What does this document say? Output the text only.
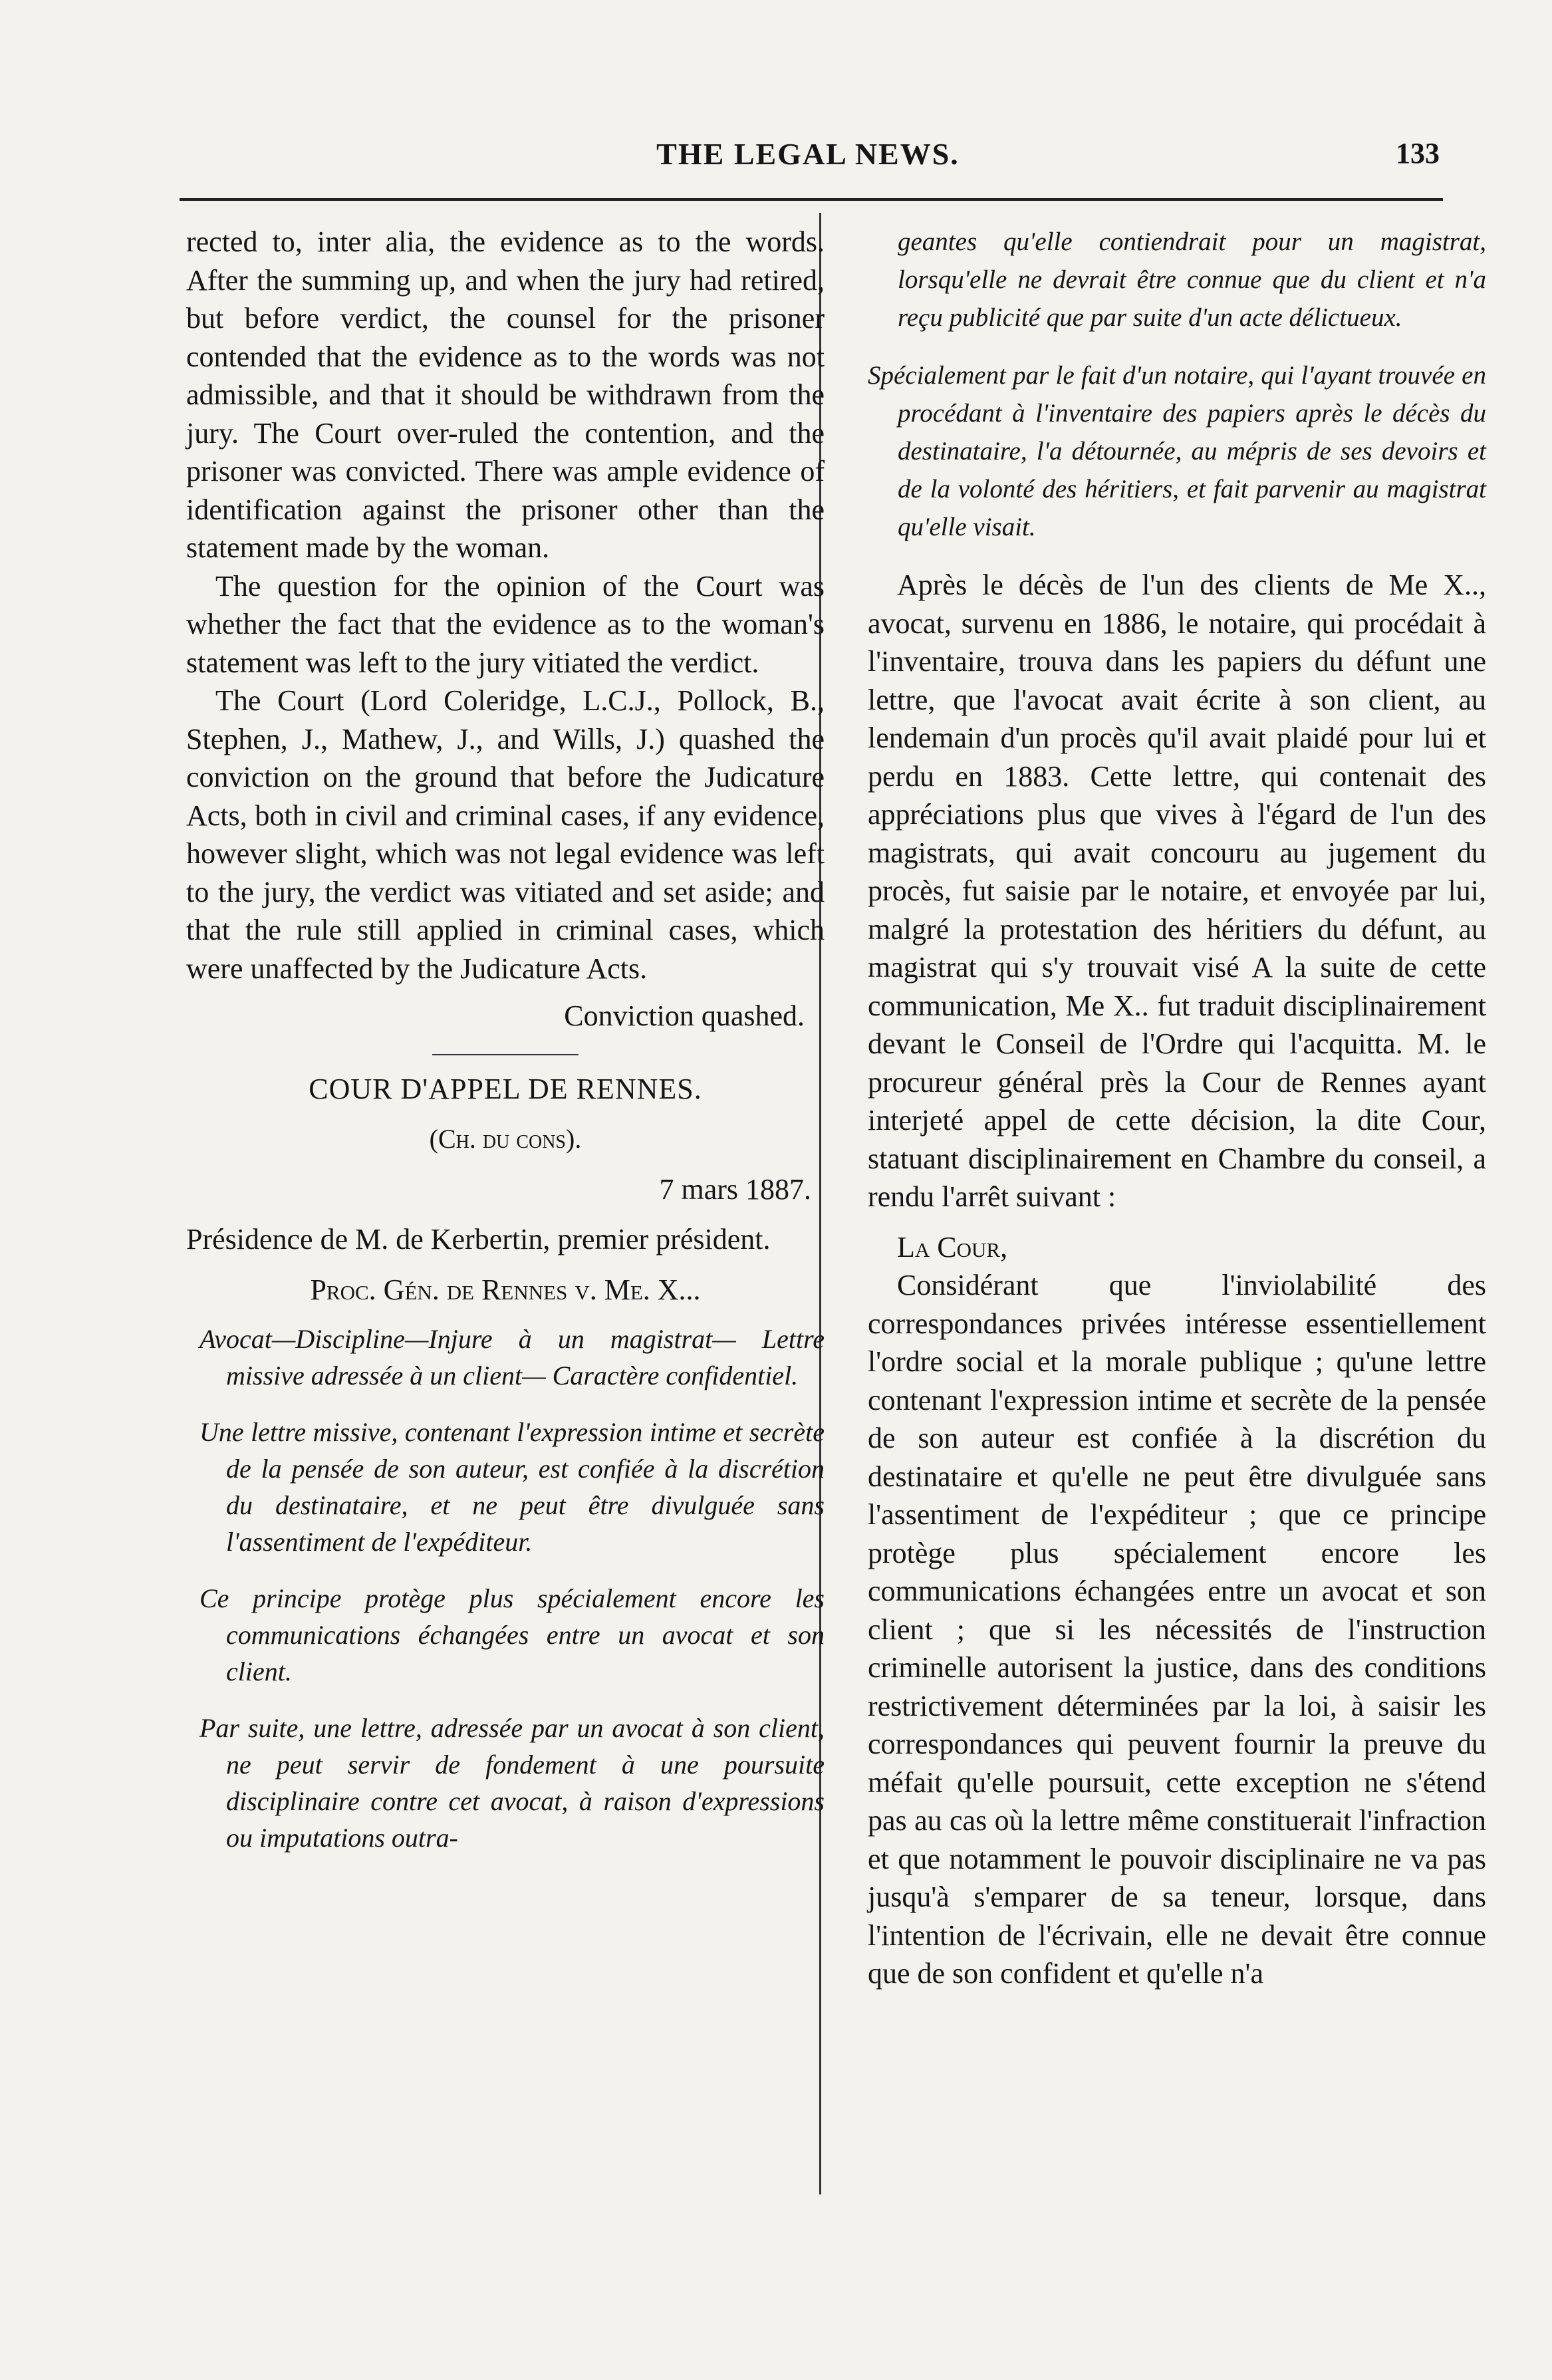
THE LEGAL NEWS.	133

rected to, inter alia, the evidence as to the words. After the summing up, and when the jury had retired, but before verdict, the counsel for the prisoner contended that the evidence as to the words was not admissible, and that it should be withdrawn from the jury. The Court over-ruled the contention, and the prisoner was convicted. There was ample evidence of identification against the prisoner other than the statement made by the woman.

The question for the opinion of the Court was whether the fact that the evidence as to the woman's statement was left to the jury vitiated the verdict.

The Court (Lord Coleridge, L.C.J., Pollock, B., Stephen, J., Mathew, J., and Wills, J.) quashed the conviction on the ground that before the Judicature Acts, both in civil and criminal cases, if any evidence, however slight, which was not legal evidence was left to the jury, the verdict was vitiated and set aside; and that the rule still applied in criminal cases, which were unaffected by the Judicature Acts.

Conviction quashed.

COUR D'APPEL DE RENNES.

(Ch. du cons).

7 mars 1887.

Présidence de M. de Kerbertin, premier président.

Proc. Gén. de Rennes v. Me. X...

Avocat—Discipline—Injure à un magistrat— Lettre missive adressée à un client— Caractère confidentiel.

Une lettre missive, contenant l'expression intime et secrète de la pensée de son auteur, est confiée à la discrétion du destinataire, et ne peut être divulguée sans l'assentiment de l'expéditeur.

Ce principe protège plus spécialement encore les communications échangées entre un avocat et son client.

Par suite, une lettre, adressée par un avocat à son client, ne peut servir de fondement à une poursuite disciplinaire contre cet avocat, à raison d'expressions ou imputations outra-

geantes qu'elle contiendrait pour un magistrat, lorsqu'elle ne devrait être connue que du client et n'a reçu publicité que par suite d'un acte délictueux.

Spécialement par le fait d'un notaire, qui l'ayant trouvée en procédant à l'inventaire des papiers après le décès du destinataire, l'a détournée, au mépris de ses devoirs et de la volonté des héritiers, et fait parvenir au magistrat qu'elle visait.

Après le décès de l'un des clients de Me X.., avocat, survenu en 1886, le notaire, qui procédait à l'inventaire, trouva dans les papiers du défunt une lettre, que l'avocat avait écrite à son client, au lendemain d'un procès qu'il avait plaidé pour lui et perdu en 1883. Cette lettre, qui contenait des appréciations plus que vives à l'égard de l'un des magistrats, qui avait concouru au jugement du procès, fut saisie par le notaire, et envoyée par lui, malgré la protestation des héritiers du défunt, au magistrat qui s'y trouvait visé A la suite de cette communication, Me X.. fut traduit disciplinairement devant le Conseil de l'Ordre qui l'acquitta. M. le procureur général près la Cour de Rennes ayant interjeté appel de cette décision, la dite Cour, statuant disciplinairement en Chambre du conseil, a rendu l'arrêt suivant :

La Cour,

Considérant que l'inviolabilité des correspondances privées intéresse essentiellement l'ordre social et la morale publique ; qu'une lettre contenant l'expression intime et secrète de la pensée de son auteur est confiée à la discrétion du destinataire et qu'elle ne peut être divulguée sans l'assentiment de l'expéditeur ; que ce principe protège plus spécialement encore les communications échangées entre un avocat et son client ; que si les nécessités de l'instruction criminelle autorisent la justice, dans des conditions restrictivement déterminées par la loi, à saisir les correspondances qui peuvent fournir la preuve du méfait qu'elle poursuit, cette exception ne s'étend pas au cas où la lettre même constituerait l'infraction et que notamment le pouvoir disciplinaire ne va pas jusqu'à s'emparer de sa teneur, lorsque, dans l'intention de l'écrivain, elle ne devait être connue que de son confident et qu'elle n'a
